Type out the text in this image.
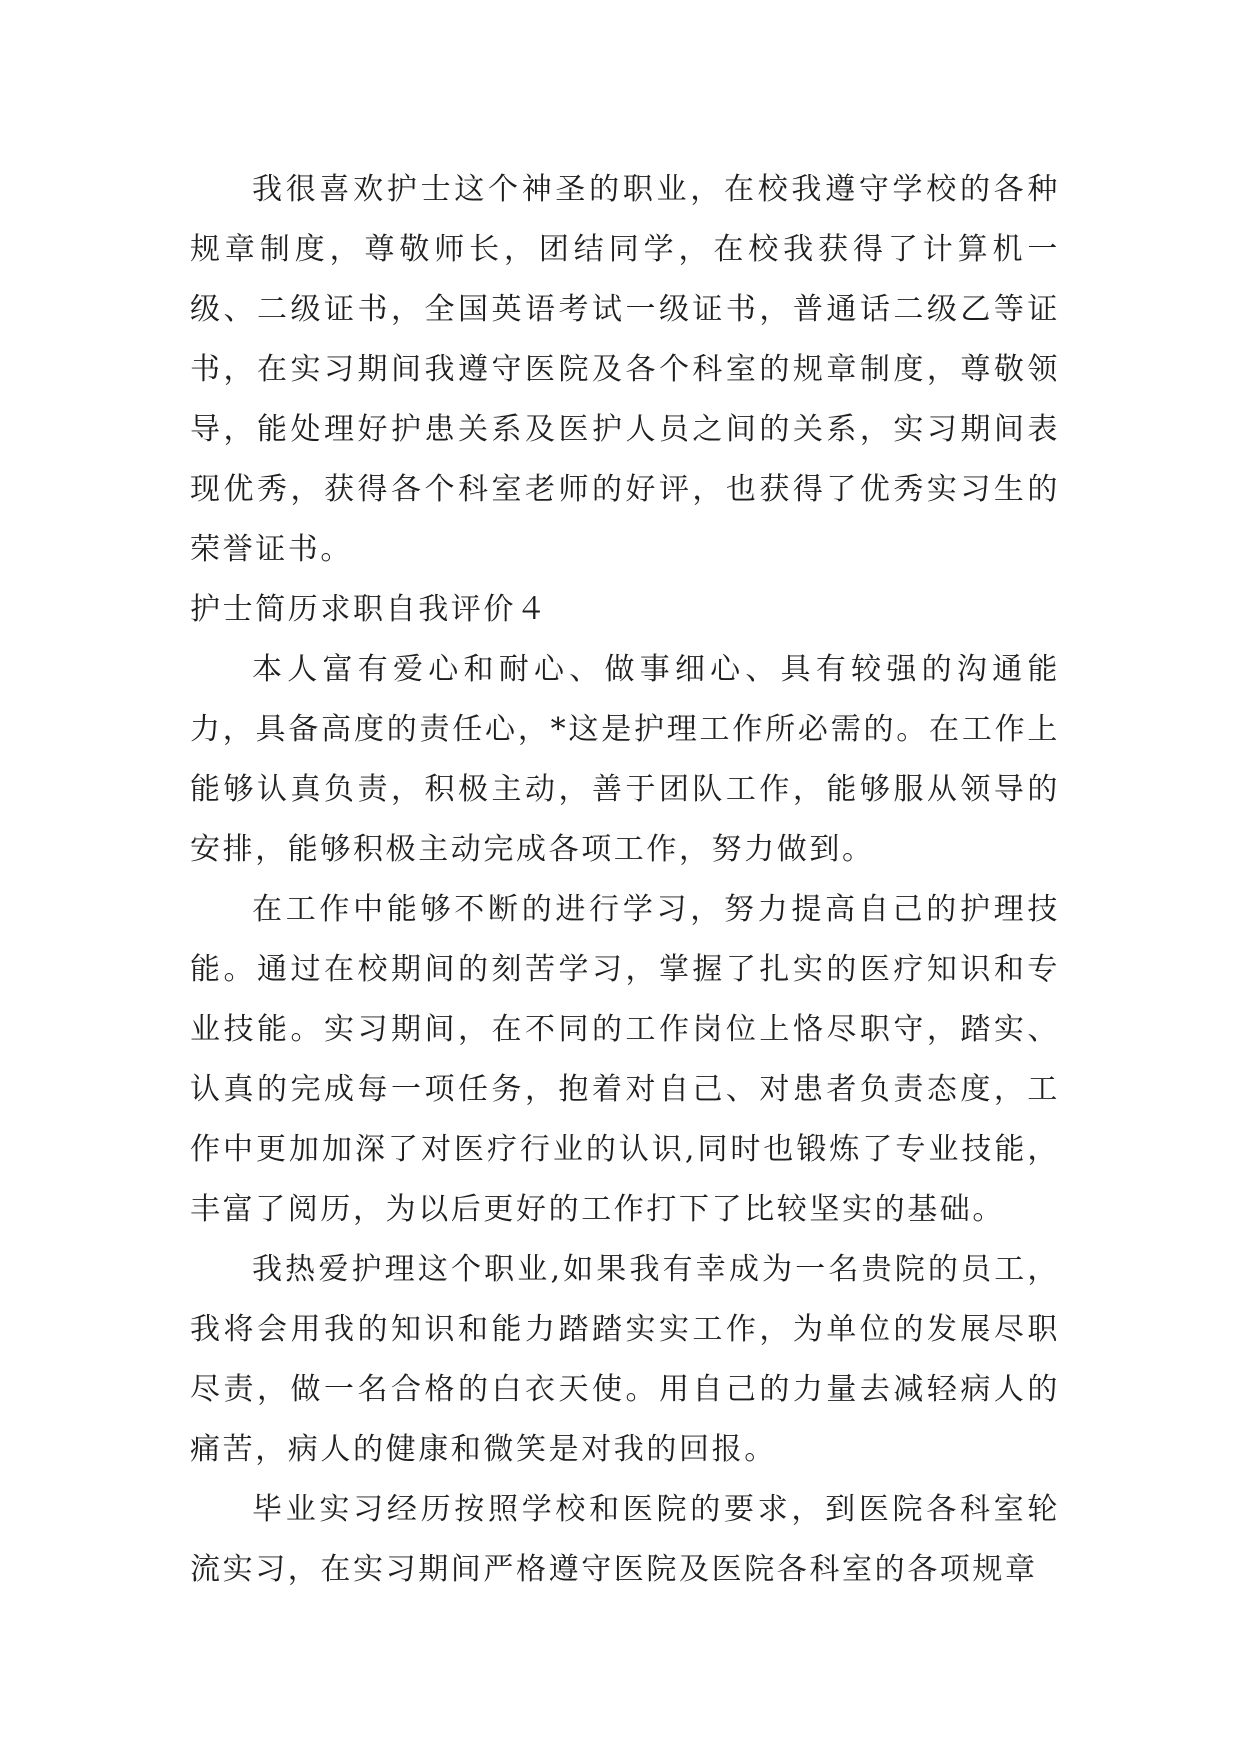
我很喜欢护士这个神圣的职业，在校我遵守学校的各种规章制度，尊敬师长，团结同学，在校我获得了计算机一级、二级证书，全国英语考试一级证书，普通话二级乙等证书，在实习期间我遵守医院及各个科室的规章制度，尊敬领导，能处理好护患关系及医护人员之间的关系，实习期间表现优秀，获得各个科室老师的好评，也获得了优秀实习生的荣誉证书。

护士简历求职自我评价４

本人富有爱心和耐心、做事细心、具有较强的沟通能力，具备高度的责任心，*这是护理工作所必需的。在工作上能够认真负责，积极主动，善于团队工作，能够服从领导的安排，能够积极主动完成各项工作，努力做到。

在工作中能够不断的进行学习，努力提高自己的护理技能。通过在校期间的刻苦学习，掌握了扎实的医疗知识和专业技能。实习期间，在不同的工作岗位上恪尽职守，踏实、认真的完成每一项任务，抱着对自己、对患者负责态度，工作中更加加深了对医疗行业的认识,同时也锻炼了专业技能，丰富了阅历，为以后更好的工作打下了比较坚实的基础。

我热爱护理这个职业,如果我有幸成为一名贵院的员工，我将会用我的知识和能力踏踏实实工作，为单位的发展尽职尽责，做一名合格的白衣天使。用自己的力量去减轻病人的痛苦，病人的健康和微笑是对我的回报。

毕业实习经历按照学校和医院的要求，到医院各科室轮流实习，在实习期间严格遵守医院及医院各科室的各项规章
